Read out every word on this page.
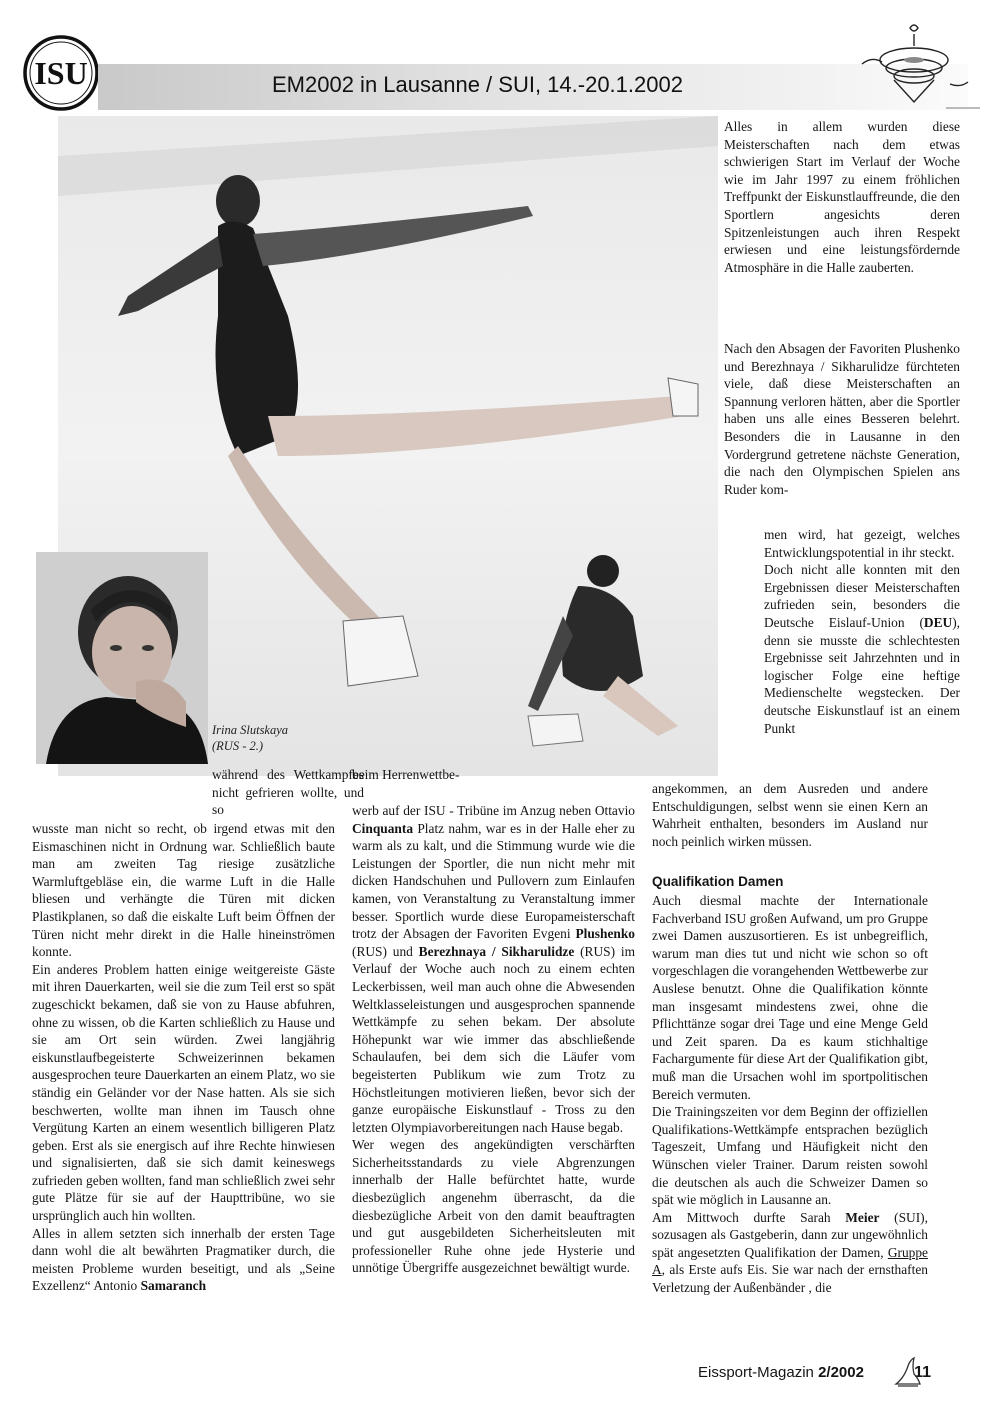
ISU	EM2002 in Lausanne / SUI, 14.-20.1.2002
Irina Slutskaya
(RUS - 2.)

Alles in allem wurden diese Meisterschaften nach dem etwas schwierigen Start im Verlauf der Woche wie im Jahr 1997 zu einem fröhlichen Treffpunkt der Eiskunstlauffreunde, die den Sportlern angesichts deren Spitzenleistungen auch ihren Respekt erwiesen und eine leistungsfördernde Atmosphäre in die Halle zauberten.

Nach den Absagen der Favoriten Plushenko und Berezhnaya / Sikharulidze fürchteten viele, daß diese Meisterschaften an Spannung verloren hätten, aber die Sportler haben uns alle eines Besseren belehrt. Besonders die in Lausanne in den Vordergrund getretene nächste Generation, die nach den Olympischen Spielen ans Ruder kom-

men wird, hat gezeigt, welches Entwicklungspotential in ihr steckt.
Doch nicht alle konnten mit den Ergebnissen dieser Meisterschaften zufrieden sein, besonders die Deutsche Eislauf-Union (DEU), denn sie musste die schlechtesten Ergebnisse seit Jahrzehnten und in logischer Folge eine heftige Medienschelte wegstecken. Der deutsche Eiskunstlauf ist an einem Punkt

angekommen, an dem Ausreden und andere Entschuldigungen, selbst wenn sie einen Kern an Wahrheit enthalten, besonders im Ausland nur noch peinlich wirken müssen.

während des Wettkampfes nicht gefrieren wollte, und so

wusste man nicht so recht, ob irgend etwas mit den Eismaschinen nicht in Ordnung war. Schließlich baute man am zweiten Tag riesige zusätzliche Warmluftgebläse ein, die warme Luft in die Halle bliesen und verhängte die Türen mit dicken Plastikplanen, so daß die eiskalte Luft beim Öffnen der Türen nicht mehr direkt in die Halle hineinströmen konnte.
Ein anderes Problem hatten einige weitgereiste Gäste mit ihren Dauerkarten, weil sie die zum Teil erst so spät zugeschickt bekamen, daß sie von zu Hause abfuhren, ohne zu wissen, ob die Karten schließlich zu Hause und sie am Ort sein würden. Zwei langjährig eiskunstlaufbegeisterte Schweizerinnen bekamen ausgesprochen teure Dauerkarten an einem Platz, wo sie ständig ein Geländer vor der Nase hatten. Als sie sich beschwerten, wollte man ihnen im Tausch ohne Vergütung Karten an einem wesentlich billigeren Platz geben. Erst als sie energisch auf ihre Rechte hinwiesen und signalisierten, daß sie sich damit keineswegs zufrieden geben wollten, fand man schließlich zwei sehr gute Plätze für sie auf der Haupttribüne, wo sie ursprünglich auch hin wollten.
Alles in allem setzten sich innerhalb der ersten Tage dann wohl die alt bewährten Pragmatiker durch, die meisten Probleme wurden beseitigt, und als „Seine Exzellenz“ Antonio Samaranch

beim Herrenwettbe-

werb auf der ISU - Tribüne im Anzug neben Ottavio Cinquanta Platz nahm, war es in der Halle eher zu warm als zu kalt, und die Stimmung wurde wie die Leistungen der Sportler, die nun nicht mehr mit dicken Handschuhen und Pullovern zum Einlaufen kamen, von Veranstaltung zu Veranstaltung immer besser. Sportlich wurde diese Europameisterschaft trotz der Absagen der Favoriten Evgeni Plushenko (RUS) und Berezhnaya / Sikharulidze (RUS) im Verlauf der Woche auch noch zu einem echten Leckerbissen, weil man auch ohne die Abwesenden Weltklasseleistungen und ausgesprochen spannende Wettkämpfe zu sehen bekam. Der absolute Höhepunkt war wie immer das abschließende Schaulaufen, bei dem sich die Läufer vom begeisterten Publikum wie zum Trotz zu Höchstleitungen motivieren ließen, bevor sich der ganze europäische Eiskunstlauf - Tross zu den letzten Olympiavorbereitungen nach Hause begab.
Wer wegen des angekündigten verschärften Sicherheitsstandards zu viele Abgrenzungen innerhalb der Halle befürchtet hatte, wurde diesbezüglich angenehm überrascht, da die diesbezügliche Arbeit von den damit beauftragten und gut ausgebildeten Sicherheitsleuten mit professioneller Ruhe ohne jede Hysterie und unnötige Übergriffe ausgezeichnet bewältigt wurde.
Qualifikation Damen
Auch diesmal machte der Internationale Fachverband ISU großen Aufwand, um pro Gruppe zwei Damen auszusortieren. Es ist unbegreiflich, warum man dies tut und nicht wie schon so oft vorgeschlagen die vorangehenden Wettbewerbe zur Auslese benutzt. Ohne die Qualifikation könnte man insgesamt mindestens zwei, ohne die Pflichttänze sogar drei Tage und eine Menge Geld und Zeit sparen. Da es kaum stichhaltige Fachargumente für diese Art der Qualifikation gibt, muß man die Ursachen wohl im sportpolitischen Bereich vermuten.
Die Trainingszeiten vor dem Beginn der offiziellen Qualifikations-Wettkämpfe entsprachen bezüglich Tageszeit, Umfang und Häufigkeit nicht den Wünschen vieler Trainer. Darum reisten sowohl die deutschen als auch die Schweizer Damen so spät wie möglich in Lausanne an.
Am Mittwoch durfte Sarah Meier (SUI), sozusagen als Gastgeberin, dann zur ungewöhnlich spät angesetzten Qualifikation der Damen, Gruppe A, als Erste aufs Eis. Sie war nach der ernsthaften Verletzung der Außenbänder , die
Eissport-Magazin 2/2002	11
